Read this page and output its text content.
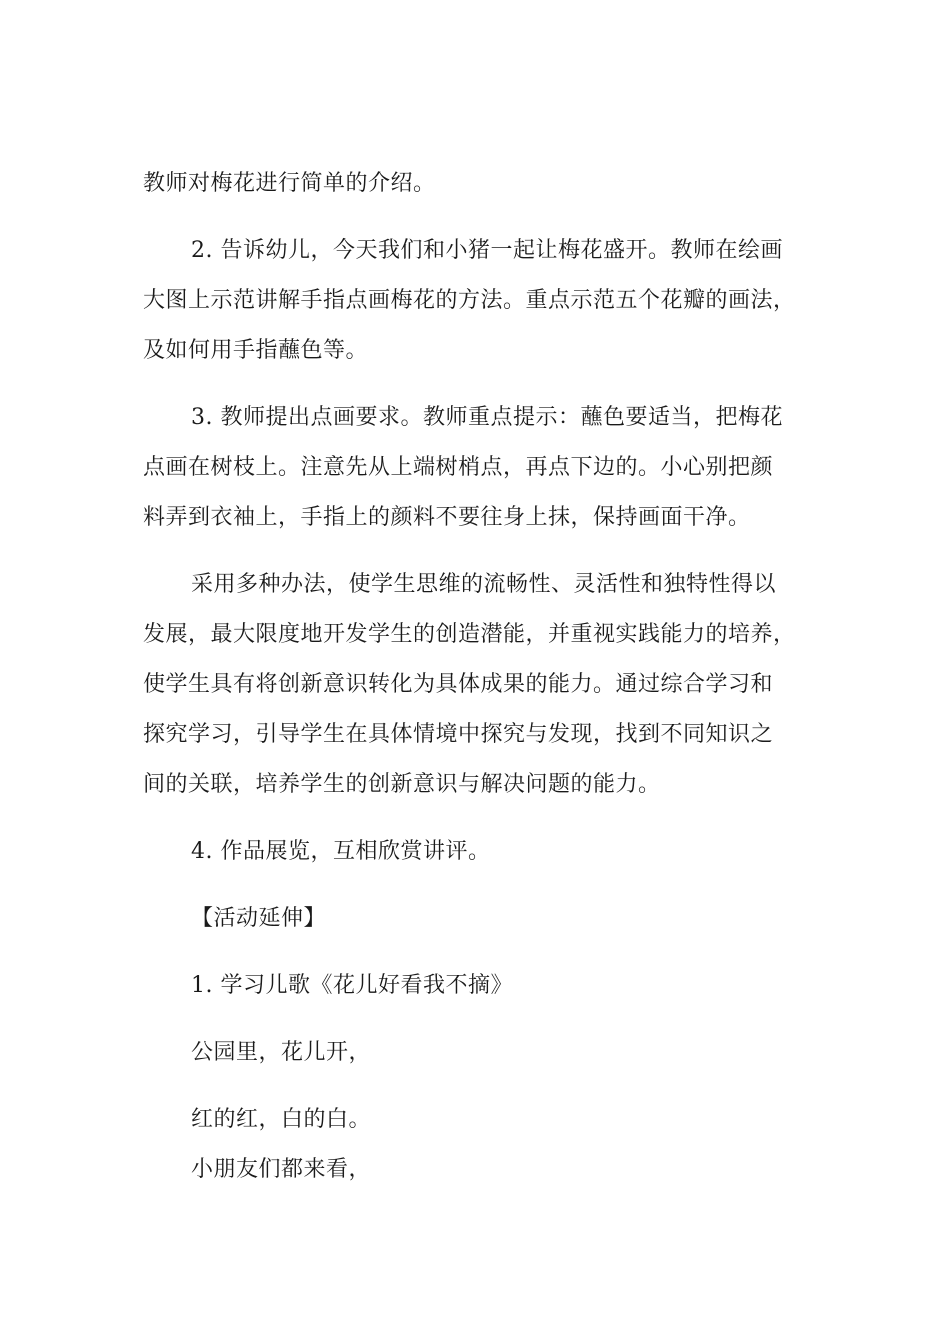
教师对梅花进行简单的介绍。
2. 告诉幼儿，今天我们和小猪一起让梅花盛开。教师在绘画
大图上示范讲解手指点画梅花的方法。重点示范五个花瓣的画法，
及如何用手指蘸色等。
3. 教师提出点画要求。教师重点提示：蘸色要适当，把梅花
点画在树枝上。注意先从上端树梢点，再点下边的。小心别把颜
料弄到衣袖上，手指上的颜料不要往身上抹，保持画面干净。
采用多种办法，使学生思维的流畅性、灵活性和独特性得以
发展，最大限度地开发学生的创造潜能，并重视实践能力的培养，
使学生具有将创新意识转化为具体成果的能力。通过综合学习和
探究学习，引导学生在具体情境中探究与发现，找到不同知识之
间的关联，培养学生的创新意识与解决问题的能力。
4. 作品展览，互相欣赏讲评。
【活动延伸】
1. 学习儿歌《花儿好看我不摘》
公园里，花儿开，
红的红，白的白。
小朋友们都来看，
